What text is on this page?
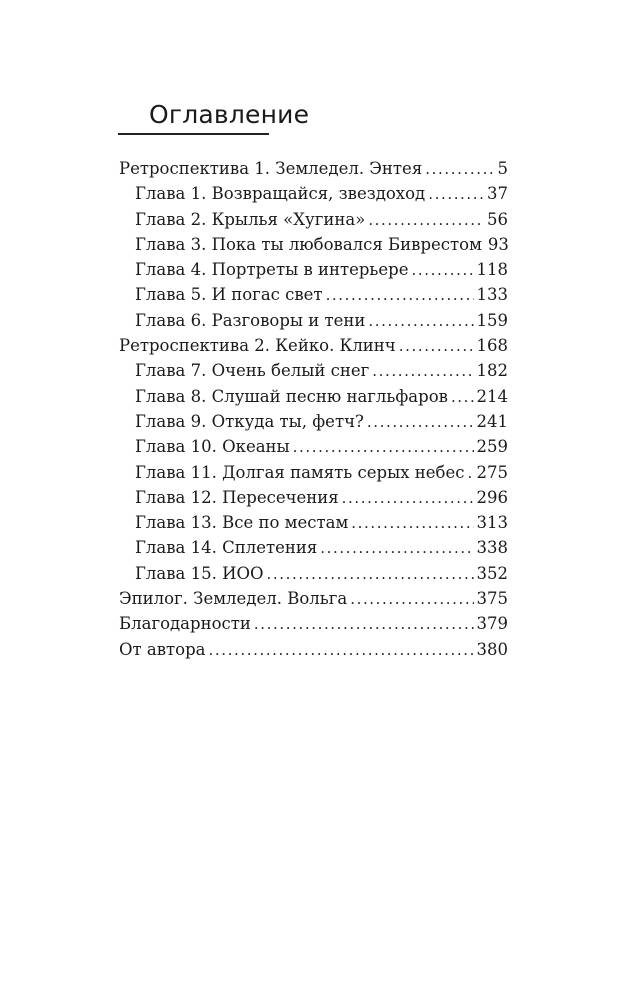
Оглавление
Ретроспектива 1. Земледел. Энтея .....	5
Глава 1. Возвращайся, звездоход .....	37
Глава 2. Крылья «Хугина» .....	56
Глава 3. Пока ты любовался Биврестом 93
Глава 4. Портреты в интерьере .....	118
Глава 5. И погас свет .....	133
Глава 6. Разговоры и тени .....	159
Ретроспектива 2. Кейко. Клинч .....	168
Глава 7. Очень белый снег .....	182
Глава 8. Слушай песню нагльфаров ..... 214
Глава 9. Откуда ты, фетч? .....	241
Глава 10. Океаны .....	259
Глава 11. Долгая память серых небес ..... 275
Глава 12. Пересечения .....	296
Глава 13. Все по местам .....	313
Глава 14. Сплетения .....	338
Глава 15. ИОО .....	352
Эпилог. Земледел. Вольга .....	375
Благодарности .....	379
От автора .....	380
